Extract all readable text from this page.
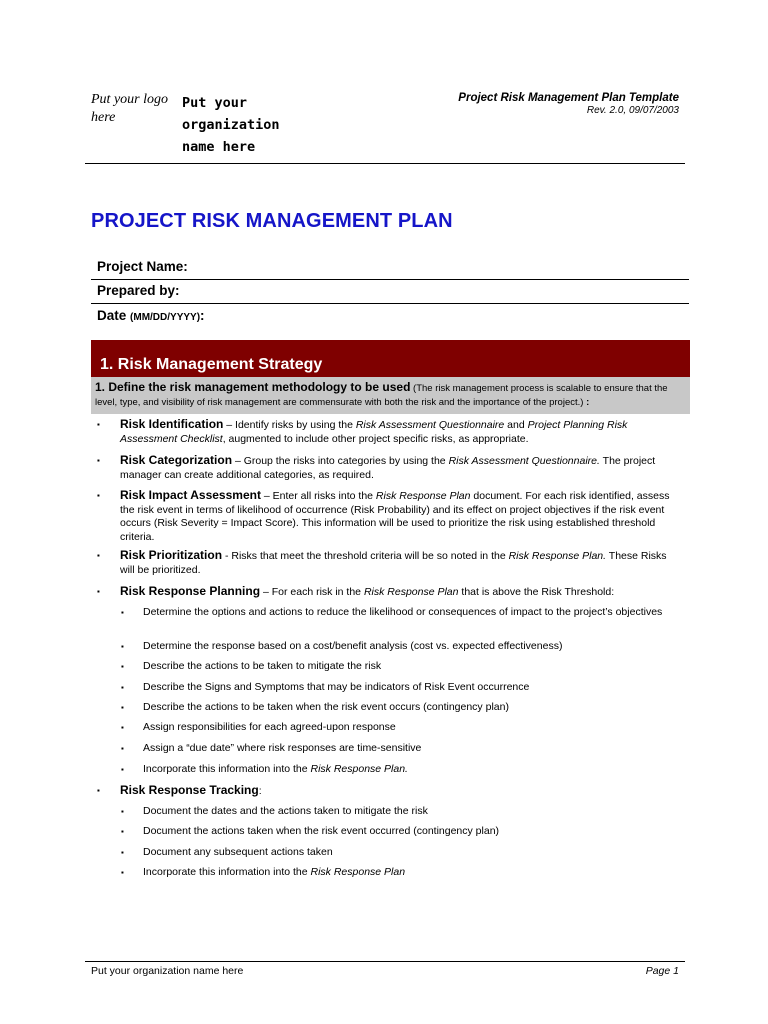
Put your logo here
Put your organization name here
Project Risk Management Plan Template
Rev. 2.0, 09/07/2003
PROJECT RISK MANAGEMENT PLAN
Project Name:
Prepared by:
Date (MM/DD/YYYY):
1. Risk Management Strategy
1. Define the risk management methodology to be used (The risk management process is scalable to ensure that the level, type, and visibility of risk management are commensurate with both the risk and the importance of the project.) :
▪ Risk Identification – Identify risks by using the Risk Assessment Questionnaire and Project Planning Risk Assessment Checklist, augmented to include other project specific risks, as appropriate.
▪ Risk Categorization – Group the risks into categories by using the Risk Assessment Questionnaire. The project manager can create additional categories, as required.
▪ Risk Impact Assessment – Enter all risks into the Risk Response Plan document. For each risk identified, assess the risk event in terms of likelihood of occurrence (Risk Probability) and its effect on project objectives if the risk event occurs (Risk Severity = Impact Score). This information will be used to prioritize the risk using established threshold criteria.
▪ Risk Prioritization - Risks that meet the threshold criteria will be so noted in the Risk Response Plan. These Risks will be prioritized.
▪ Risk Response Planning – For each risk in the Risk Response Plan that is above the Risk Threshold:
▪ Determine the options and actions to reduce the likelihood or consequences of impact to the project’s objectives
▪ Determine the response based on a cost/benefit analysis (cost vs. expected effectiveness)
▪ Describe the actions to be taken to mitigate the risk
▪ Describe the Signs and Symptoms that may be indicators of Risk Event occurrence
▪ Describe the actions to be taken when the risk event occurs (contingency plan)
▪ Assign responsibilities for each agreed-upon response
▪ Assign a “due date” where risk responses are time-sensitive
▪ Incorporate this information into the Risk Response Plan.
▪ Risk Response Tracking:
▪ Document the dates and the actions taken to mitigate the risk
▪ Document the actions taken when the risk event occurred (contingency plan)
▪ Document any subsequent actions taken
▪ Incorporate this information into the Risk Response Plan
Put your organization name here	Page 1
